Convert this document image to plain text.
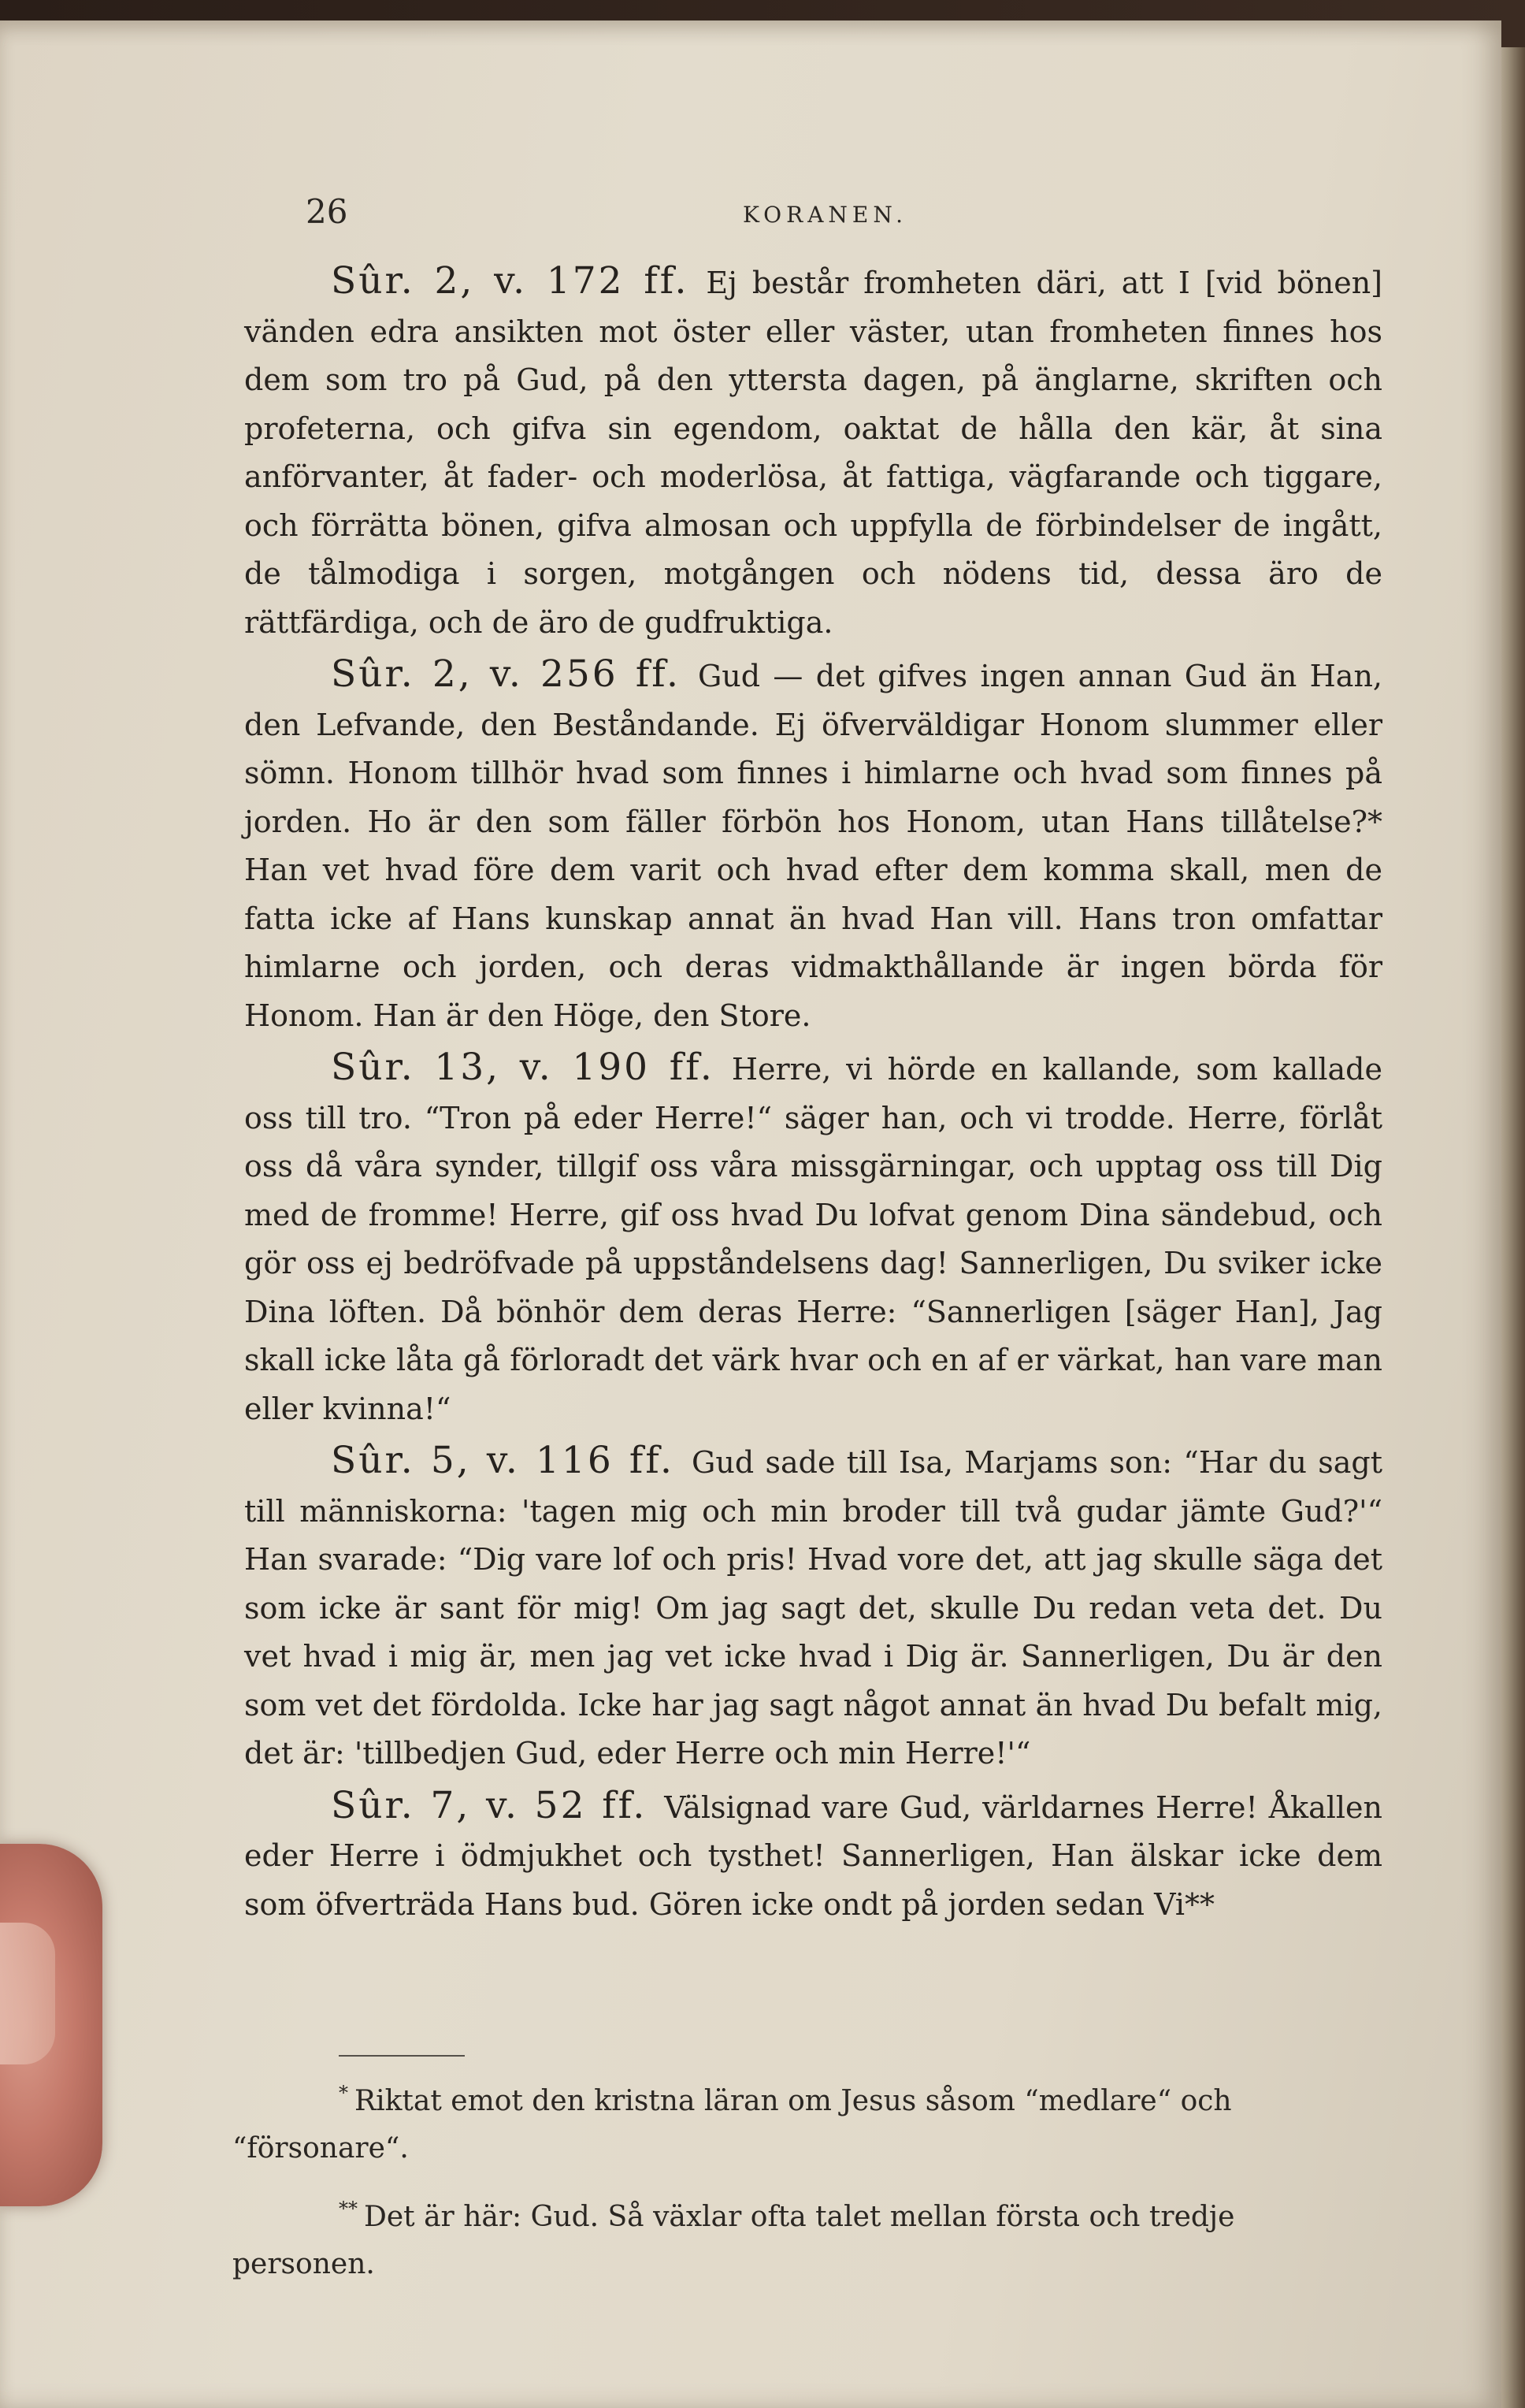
26	KORANEN.

Sûr. 2, v. 172 ff. Ej består fromheten däri, att I [vid bönen] vänden edra ansikten mot öster eller väster, utan fromheten finnes hos dem som tro på Gud, på den yttersta dagen, på änglarne, skriften och profeterna, och gifva sin egendom, oaktat de hålla den kär, åt sina anförvanter, åt fader- och moderlösa, åt fattiga, vägfarande och tiggare, och förrätta bönen, gifva almosan och uppfylla de förbindelser de ingått, de tålmodiga i sorgen, motgången och nödens tid, dessa äro de rättfärdiga, och de äro de gudfruktiga.

Sûr. 2, v. 256 ff. Gud — det gifves ingen annan Gud än Han, den Lefvande, den Beståndande. Ej öfverväldigar Honom slummer eller sömn. Honom tillhör hvad som finnes i himlarne och hvad som finnes på jorden. Ho är den som fäller förbön hos Honom, utan Hans tillåtelse?* Han vet hvad före dem varit och hvad efter dem komma skall, men de fatta icke af Hans kunskap annat än hvad Han vill. Hans tron omfattar himlarne och jorden, och deras vidmakthållande är ingen börda för Honom. Han är den Höge, den Store.

Sûr. 13, v. 190 ff. Herre, vi hörde en kallande, som kallade oss till tro. “Tron på eder Herre!“ säger han, och vi trodde. Herre, förlåt oss då våra synder, tillgif oss våra missgärningar, och upptag oss till Dig med de fromme! Herre, gif oss hvad Du lofvat genom Dina sändebud, och gör oss ej bedröfvade på uppståndelsens dag! Sannerligen, Du sviker icke Dina löften. Då bönhör dem deras Herre: “Sannerligen [säger Han], Jag skall icke låta gå förloradt det värk hvar och en af er värkat, han vare man eller kvinna!“

Sûr. 5, v. 116 ff. Gud sade till Isa, Marjams son: “Har du sagt till människorna: 'tagen mig och min broder till två gudar jämte Gud?'“ Han svarade: “Dig vare lof och pris! Hvad vore det, att jag skulle säga det som icke är sant för mig! Om jag sagt det, skulle Du redan veta det. Du vet hvad i mig är, men jag vet icke hvad i Dig är. Sannerligen, Du är den som vet det fördolda. Icke har jag sagt något annat än hvad Du befalt mig, det är: 'tillbedjen Gud, eder Herre och min Herre!'“

Sûr. 7, v. 52 ff. Välsignad vare Gud, världarnes Herre! Åkallen eder Herre i ödmjukhet och tysthet! Sannerligen, Han älskar icke dem som öfverträda Hans bud. Gören icke ondt på jorden sedan Vi**

* Riktat emot den kristna läran om Jesus såsom “medlare“ och “försonare“.

** Det är här: Gud. Så växlar ofta talet mellan första och tredje personen.
